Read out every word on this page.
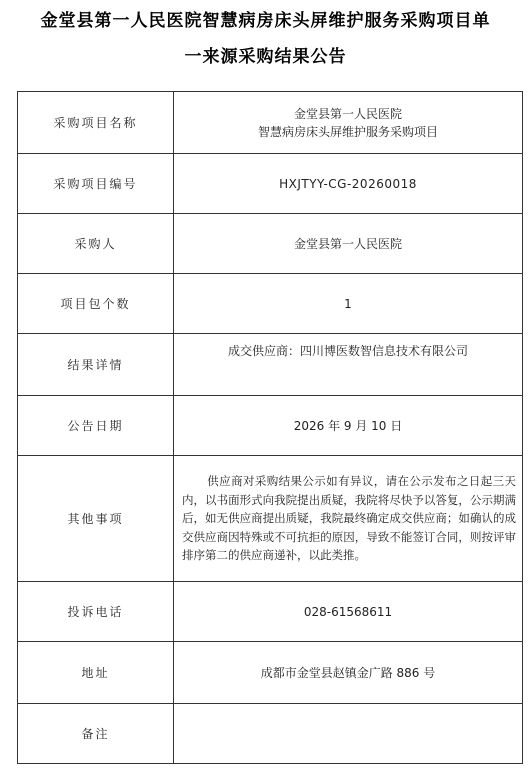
金堂县第一人民医院智慧病房床头屏维护服务采购项目单
一来源采购结果公告
采购项目名称	金堂县第一人民医院
智慧病房床头屏维护服务采购项目

采购项目编号	HXJTYY-CG-20260018
采购人	金堂县第一人民医院
项目包个数	1
结果详情	成交供应商：四川博医数智信息技术有限公司
公告日期	2026 年 9 月 10 日
其他事项	供应商对采购结果公示如有异议，请在公示发布之日起三天内，以书面形式向我院提出质疑，我院将尽快予以答复，公示期满后，如无供应商提出质疑，我院最终确定成交供应商；如确认的成交供应商因特殊或不可抗拒的原因，导致不能签订合同，则按评审排序第二的供应商递补，以此类推。
投诉电话	028-61568611
地址	成都市金堂县赵镇金广路 886 号
备注	
